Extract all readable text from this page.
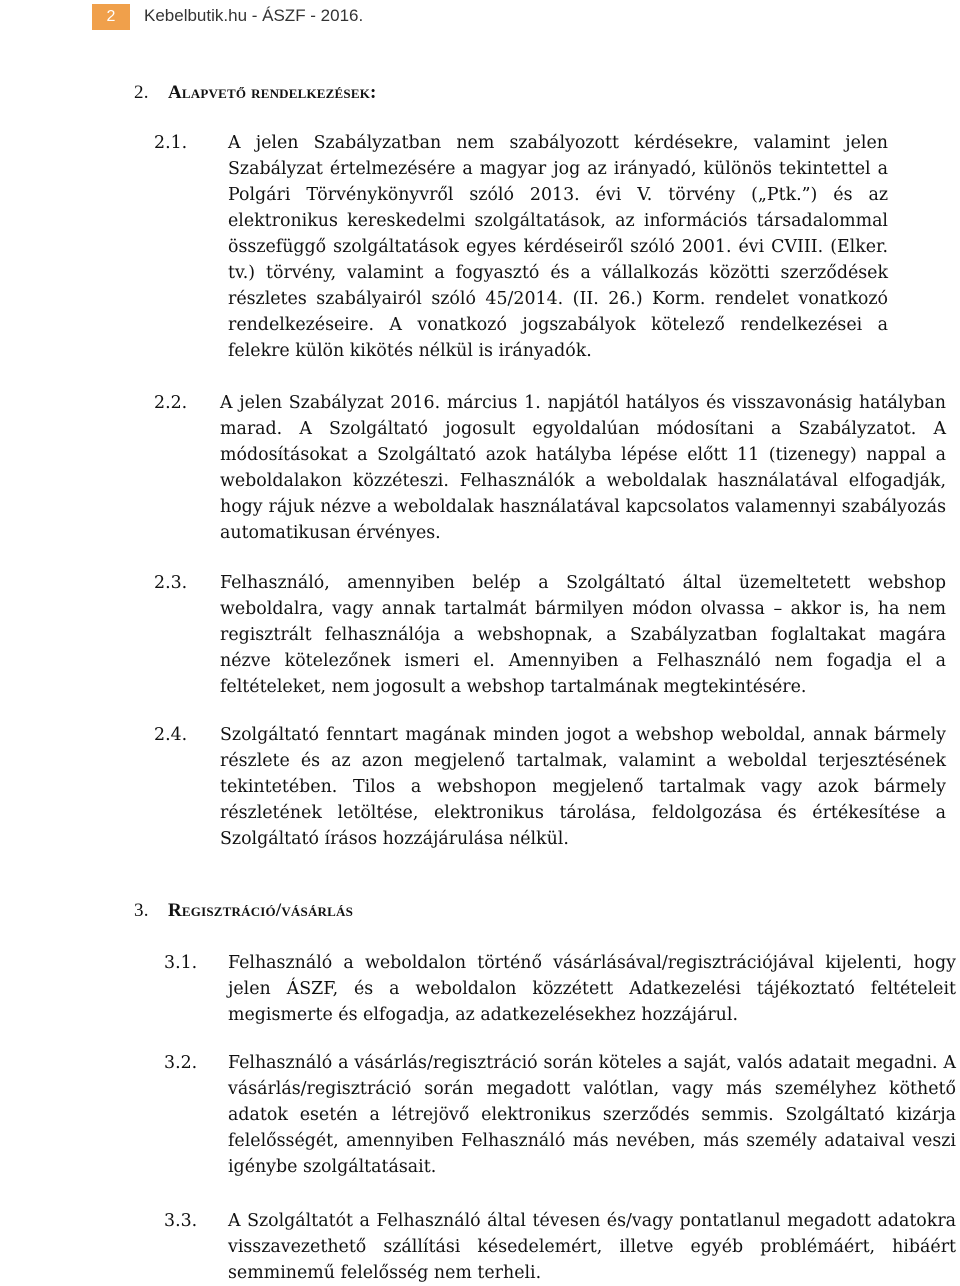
2	Kebelbutik.hu - ÁSZF - 2016.
2. Alapvető rendelkezések:
2.1. A jelen Szabályzatban nem szabályozott kérdésekre, valamint jelen Szabályzat értelmezésére a magyar jog az irányadó, különös tekintettel a Polgári Törvénykönyvről szóló 2013. évi V. törvény („Ptk.”) és az elektronikus kereskedelmi szolgáltatások, az információs társadalommal összefüggő szolgáltatások egyes kérdéseiről szóló 2001. évi CVIII. (Elker. tv.) törvény, valamint a fogyasztó és a vállalkozás közötti szerződések részletes szabályairól szóló 45/2014. (II. 26.) Korm. rendelet vonatkozó rendelkezéseire. A vonatkozó jogszabályok kötelező rendelkezései a felekre külön kikötés nélkül is irányadók.
2.2. A jelen Szabályzat 2016. március 1. napjától hatályos és visszavonásig hatályban marad. A Szolgáltató jogosult egyoldalúan módosítani a Szabályzatot. A módosításokat a Szolgáltató azok hatályba lépése előtt 11 (tizenegy) nappal a weboldalakon közzéteszi. Felhasználók a weboldalak használatával elfogadják, hogy rájuk nézve a weboldalak használatával kapcsolatos valamennyi szabályozás automatikusan érvényes.
2.3. Felhasználó, amennyiben belép a Szolgáltató által üzemeltetett webshop weboldalra, vagy annak tartalmát bármilyen módon olvassa – akkor is, ha nem regisztrált felhasználója a webshopnak, a Szabályzatban foglaltakat magára nézve kötelezőnek ismeri el. Amennyiben a Felhasználó nem fogadja el a feltételeket, nem jogosult a webshop tartalmának megtekintésére.
2.4. Szolgáltató fenntart magának minden jogot a webshop weboldal, annak bármely részlete és az azon megjelenő tartalmak, valamint a weboldal terjesztésének tekintetében. Tilos a webshopon megjelenő tartalmak vagy azok bármely részletének letöltése, elektronikus tárolása, feldolgozása és értékesítése a Szolgáltató írásos hozzájárulása nélkül.
3. Regisztráció/vásárlás
3.1. Felhasználó a weboldalon történő vásárlásával/regisztrációjával kijelenti, hogy jelen ÁSZF, és a weboldalon közzétett Adatkezelési tájékoztató feltételeit megismerte és elfogadja, az adatkezelésekhez hozzájárul.
3.2. Felhasználó a vásárlás/regisztráció során köteles a saját, valós adatait megadni. A vásárlás/regisztráció során megadott valótlan, vagy más személyhez köthető adatok esetén a létrejövő elektronikus szerződés semmis. Szolgáltató kizárja felelősségét, amennyiben Felhasználó más nevében, más személy adataival veszi igénybe szolgáltatásait.
3.3. A Szolgáltatót a Felhasználó által tévesen és/vagy pontatlanul megadott adatokra visszavezethető szállítási késedelemért, illetve egyéb problémáért, hibáért semminemű felelősség nem terheli.
